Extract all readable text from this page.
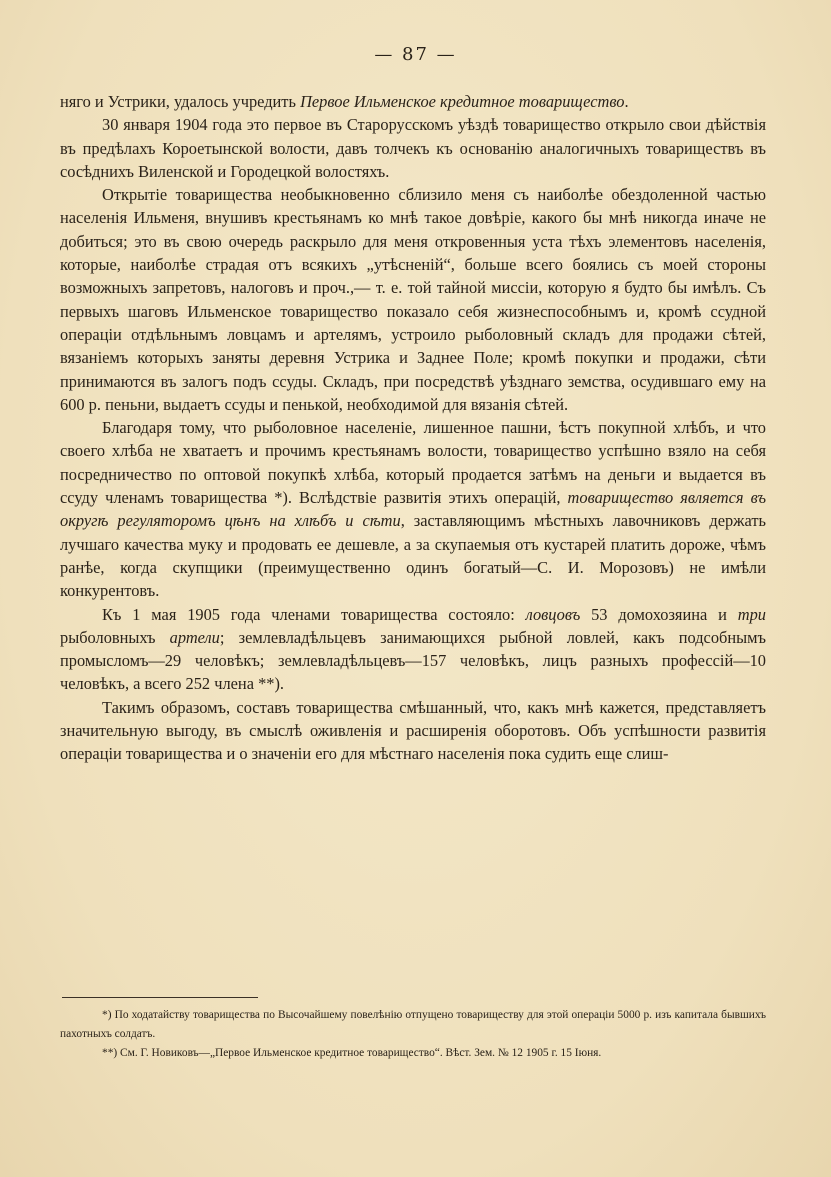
— 87 —

няго и Устрики, удалось учредить Первое Ильменское кредитное товарищество.

30 января 1904 года это первое въ Старорусскомъ уѣздѣ товарищество открыло свои дѣйствія въ предѣлахъ Короетынской волости, давъ толчекъ къ основанію аналогичныхъ товариществъ въ сосѣднихъ Виленской и Городецкой волостяхъ.

Открытіе товарищества необыкновенно сблизило меня съ наиболѣе обездоленной частью населенія Ильменя, внушивъ крестьянамъ ко мнѣ такое довѣріе, какого бы мнѣ никогда иначе не добиться; это въ свою очередь раскрыло для меня откровенныя уста тѣхъ элементовъ населенія, которые, наиболѣе страдая отъ всякихъ „утѣсненій“, больше всего боялись съ моей стороны возможныхъ запретовъ, налоговъ и проч.,— т. е. той тайной миссіи, которую я будто бы имѣлъ. Съ первыхъ шаговъ Ильменское товарищество показало себя жизнеспособнымъ и, кромѣ ссудной операціи отдѣльнымъ ловцамъ и артелямъ, устроило рыболовный складъ для продажи сѣтей, вязаніемъ которыхъ заняты деревня Устрика и Заднее Поле; кромѣ покупки и продажи, сѣти принимаются въ залогъ подъ ссуды. Складъ, при посредствѣ уѣзднаго земства, осудившаго ему на 600 р. пеньни, выдаетъ ссуды и пенькой, необходимой для вязанія сѣтей.

Благодаря тому, что рыболовное населеніе, лишенное пашни, ѣстъ покупной хлѣбъ, и что своего хлѣба не хватаетъ и прочимъ крестьянамъ волости, товарищество успѣшно взяло на себя посредничество по оптовой покупкѣ хлѣба, который продается затѣмъ на деньги и выдается въ ссуду членамъ товарищества *). Вслѣдствіе развитія этихъ операцій, товарищество является въ округѣ регуляторомъ цѣнъ на хлѣбъ и сѣти, заставляющимъ мѣстныхъ лавочниковъ держать лучшаго качества муку и продовать ее дешевле, а за скупаемыя отъ кустарей платить дороже, чѣмъ ранѣе, когда скупщики (преимущественно одинъ богатый—С. И. Морозовъ) не имѣли конкурентовъ.

Къ 1 мая 1905 года членами товарищества состояло: ловцовъ 53 домохозяина и три рыболовныхъ артели; землевладѣльцевъ занимающихся рыбной ловлей, какъ подсобнымъ промысломъ—29 человѣкъ; землевладѣльцевъ—157 человѣкъ, лицъ разныхъ профессій—10 человѣкъ, а всего 252 члена **).

Такимъ образомъ, составъ товарищества смѣшанный, что, какъ мнѣ кажется, представляетъ значительную выгоду, въ смыслѣ оживленія и расширенія оборотовъ. Объ успѣшности развитія операціи товарищества и о значеніи его для мѣстнаго населенія пока судить еще слиш-

*) По ходатайству товарищества по Высочайшему повелѣнію отпущено товариществу для этой операціи 5000 р. изъ капитала бывшихъ пахотныхъ солдатъ.

**) См. Г. Новиковъ—„Первое Ильменское кредитное товарищество“. Вѣст. Зем. № 12 1905 г. 15 Іюня.
